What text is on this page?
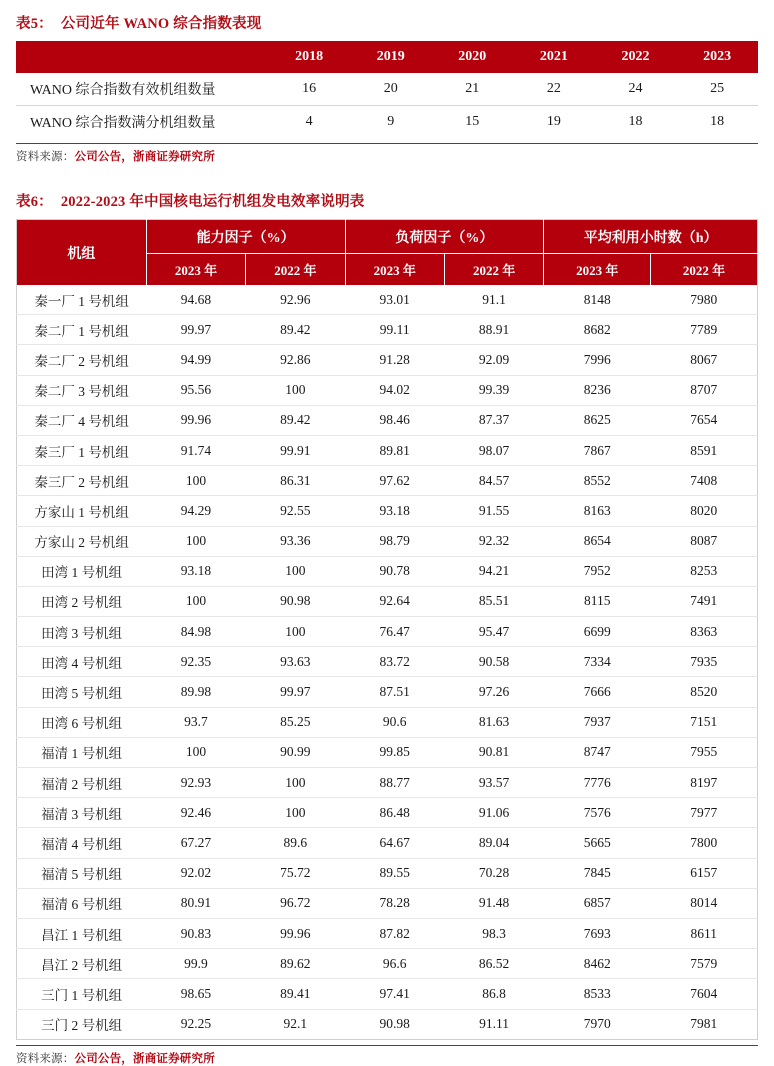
表5： 公司近年 WANO 综合指数表现
	2018	2019	2020	2021	2022	2023
WANO 综合指数有效机组数量	16	20	21	22	24	25
WANO 综合指数满分机组数量	4	9	15	19	18	18
资料来源：公司公告，浙商证券研究所
表6： 2022-2023 年中国核电运行机组发电效率说明表
机组	能力因子（%）		负荷因子（%）		平均利用小时数（h）	
	2023 年	2022 年	2023 年	2022 年	2023 年	2022 年
秦一厂 1 号机组	94.68	92.96	93.01	91.1	8148	7980
秦二厂 1 号机组	99.97	89.42	99.11	88.91	8682	7789
秦二厂 2 号机组	94.99	92.86	91.28	92.09	7996	8067
秦二厂 3 号机组	95.56	100	94.02	99.39	8236	8707
秦二厂 4 号机组	99.96	89.42	98.46	87.37	8625	7654
秦三厂 1 号机组	91.74	99.91	89.81	98.07	7867	8591
秦三厂 2 号机组	100	86.31	97.62	84.57	8552	7408
方家山 1 号机组	94.29	92.55	93.18	91.55	8163	8020
方家山 2 号机组	100	93.36	98.79	92.32	8654	8087
田湾 1 号机组	93.18	100	90.78	94.21	7952	8253
田湾 2 号机组	100	90.98	92.64	85.51	8115	7491
田湾 3 号机组	84.98	100	76.47	95.47	6699	8363
田湾 4 号机组	92.35	93.63	83.72	90.58	7334	7935
田湾 5 号机组	89.98	99.97	87.51	97.26	7666	8520
田湾 6 号机组	93.7	85.25	90.6	81.63	7937	7151
福清 1 号机组	100	90.99	99.85	90.81	8747	7955
福清 2 号机组	92.93	100	88.77	93.57	7776	8197
福清 3 号机组	92.46	100	86.48	91.06	7576	7977
福清 4 号机组	67.27	89.6	64.67	89.04	5665	7800
福清 5 号机组	92.02	75.72	89.55	70.28	7845	6157
福清 6 号机组	80.91	96.72	78.28	91.48	6857	8014
昌江 1 号机组	90.83	99.96	87.82	98.3	7693	8611
昌江 2 号机组	99.9	89.62	96.6	86.52	8462	7579
三门 1 号机组	98.65	89.41	97.41	86.8	8533	7604
三门 2 号机组	92.25	92.1	90.98	91.11	7970	7981
资料来源：公司公告，浙商证券研究所
